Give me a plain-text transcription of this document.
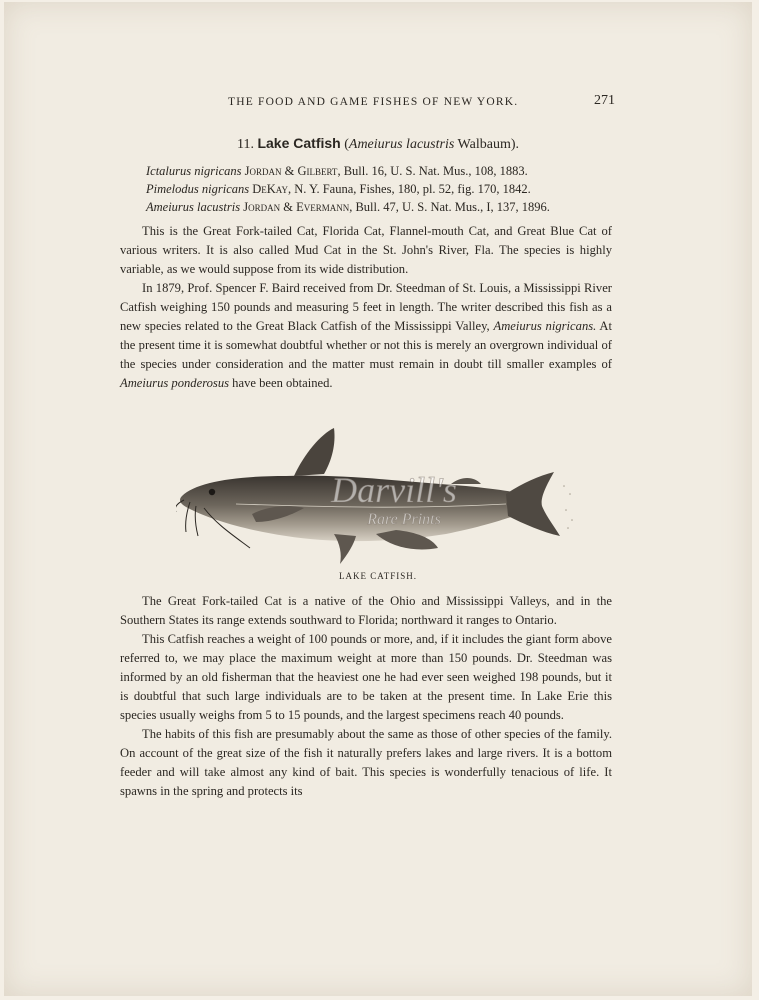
THE FOOD AND GAME FISHES OF NEW YORK.	271
11. Lake Catfish (Ameiurus lacustris Walbaum).
Ictalurus nigricans Jordan & Gilbert, Bull. 16, U. S. Nat. Mus., 108, 1883.
Pimelodus nigricans DeKay, N. Y. Fauna, Fishes, 180, pl. 52, fig. 170, 1842.
Ameiurus lacustris Jordan & Evermann, Bull. 47, U. S. Nat. Mus., I, 137, 1896.

This is the Great Fork-tailed Cat, Florida Cat, Flannel-mouth Cat, and Great Blue Cat of various writers. It is also called Mud Cat in the St. John's River, Fla. The species is highly variable, as we would suppose from its wide distribution.

In 1879, Prof. Spencer F. Baird received from Dr. Steedman of St. Louis, a Mississippi River Catfish weighing 150 pounds and measuring 5 feet in length. The writer described this fish as a new species related to the Great Black Catfish of the Mississippi Valley, Ameiurus nigricans. At the present time it is somewhat doubtful whether or not this is merely an overgrown individual of the species under consideration and the matter must remain in doubt till smaller examples of Ameiurus ponderosus have been obtained.

Darvill's
Rare Prints
LAKE CATFISH.

The Great Fork-tailed Cat is a native of the Ohio and Mississippi Valleys, and in the Southern States its range extends southward to Florida; northward it ranges to Ontario.

This Catfish reaches a weight of 100 pounds or more, and, if it includes the giant form above referred to, we may place the maximum weight at more than 150 pounds. Dr. Steedman was informed by an old fisherman that the heaviest one he had ever seen weighed 198 pounds, but it is doubtful that such large individuals are to be taken at the present time. In Lake Erie this species usually weighs from 5 to 15 pounds, and the largest specimens reach 40 pounds.

The habits of this fish are presumably about the same as those of other species of the family. On account of the great size of the fish it naturally prefers lakes and large rivers. It is a bottom feeder and will take almost any kind of bait. This species is wonderfully tenacious of life. It spawns in the spring and protects its
